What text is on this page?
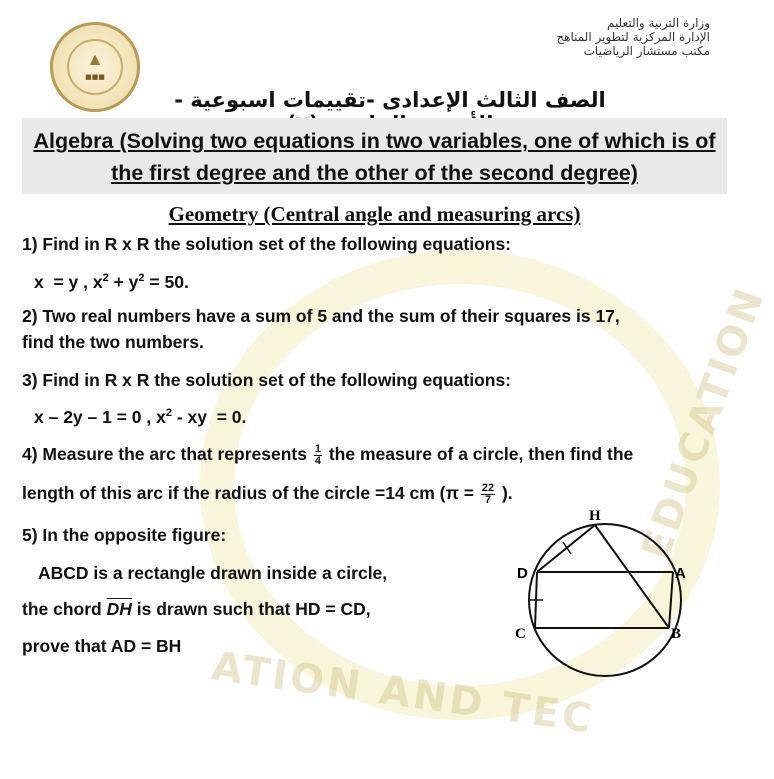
ATION AND TEC
EDUCATION
▲
■■■
وزارة التربية والتعليم
الإدارة المركزية لتطوير المناهج
مكتب مستشار الرياضيات
الصف الثالث الإعدادى -تقييمات اسبوعية -
Algebra (Solving two equations in two variables, one of which is of the first degree and the other of the second degree)
Geometry (Central angle and measuring arcs)
1) Find in R x R the solution set of the following equations:
x  = y , $x^2 + y^2 = 50$.
2) Two real numbers have a sum of 5 and the sum of their squares is 17,
find the two numbers.
3) Find in R x R the solution set of the following equations:
x – 2y – 1 = 0 , $x^2$ - xy  = 0.
4) Measure the arc that represents $\frac{1}{4}$ the measure of a circle, then find the
length of this arc if the radius of the circle =14 cm ($\pi = \frac{22}{7}$ ).
5) In the opposite figure:
ABCD is a rectangle drawn inside a circle,
the chord $\overline{DH}$ is drawn such that HD = CD,
prove that AD = BH
H
D	A
C	B
